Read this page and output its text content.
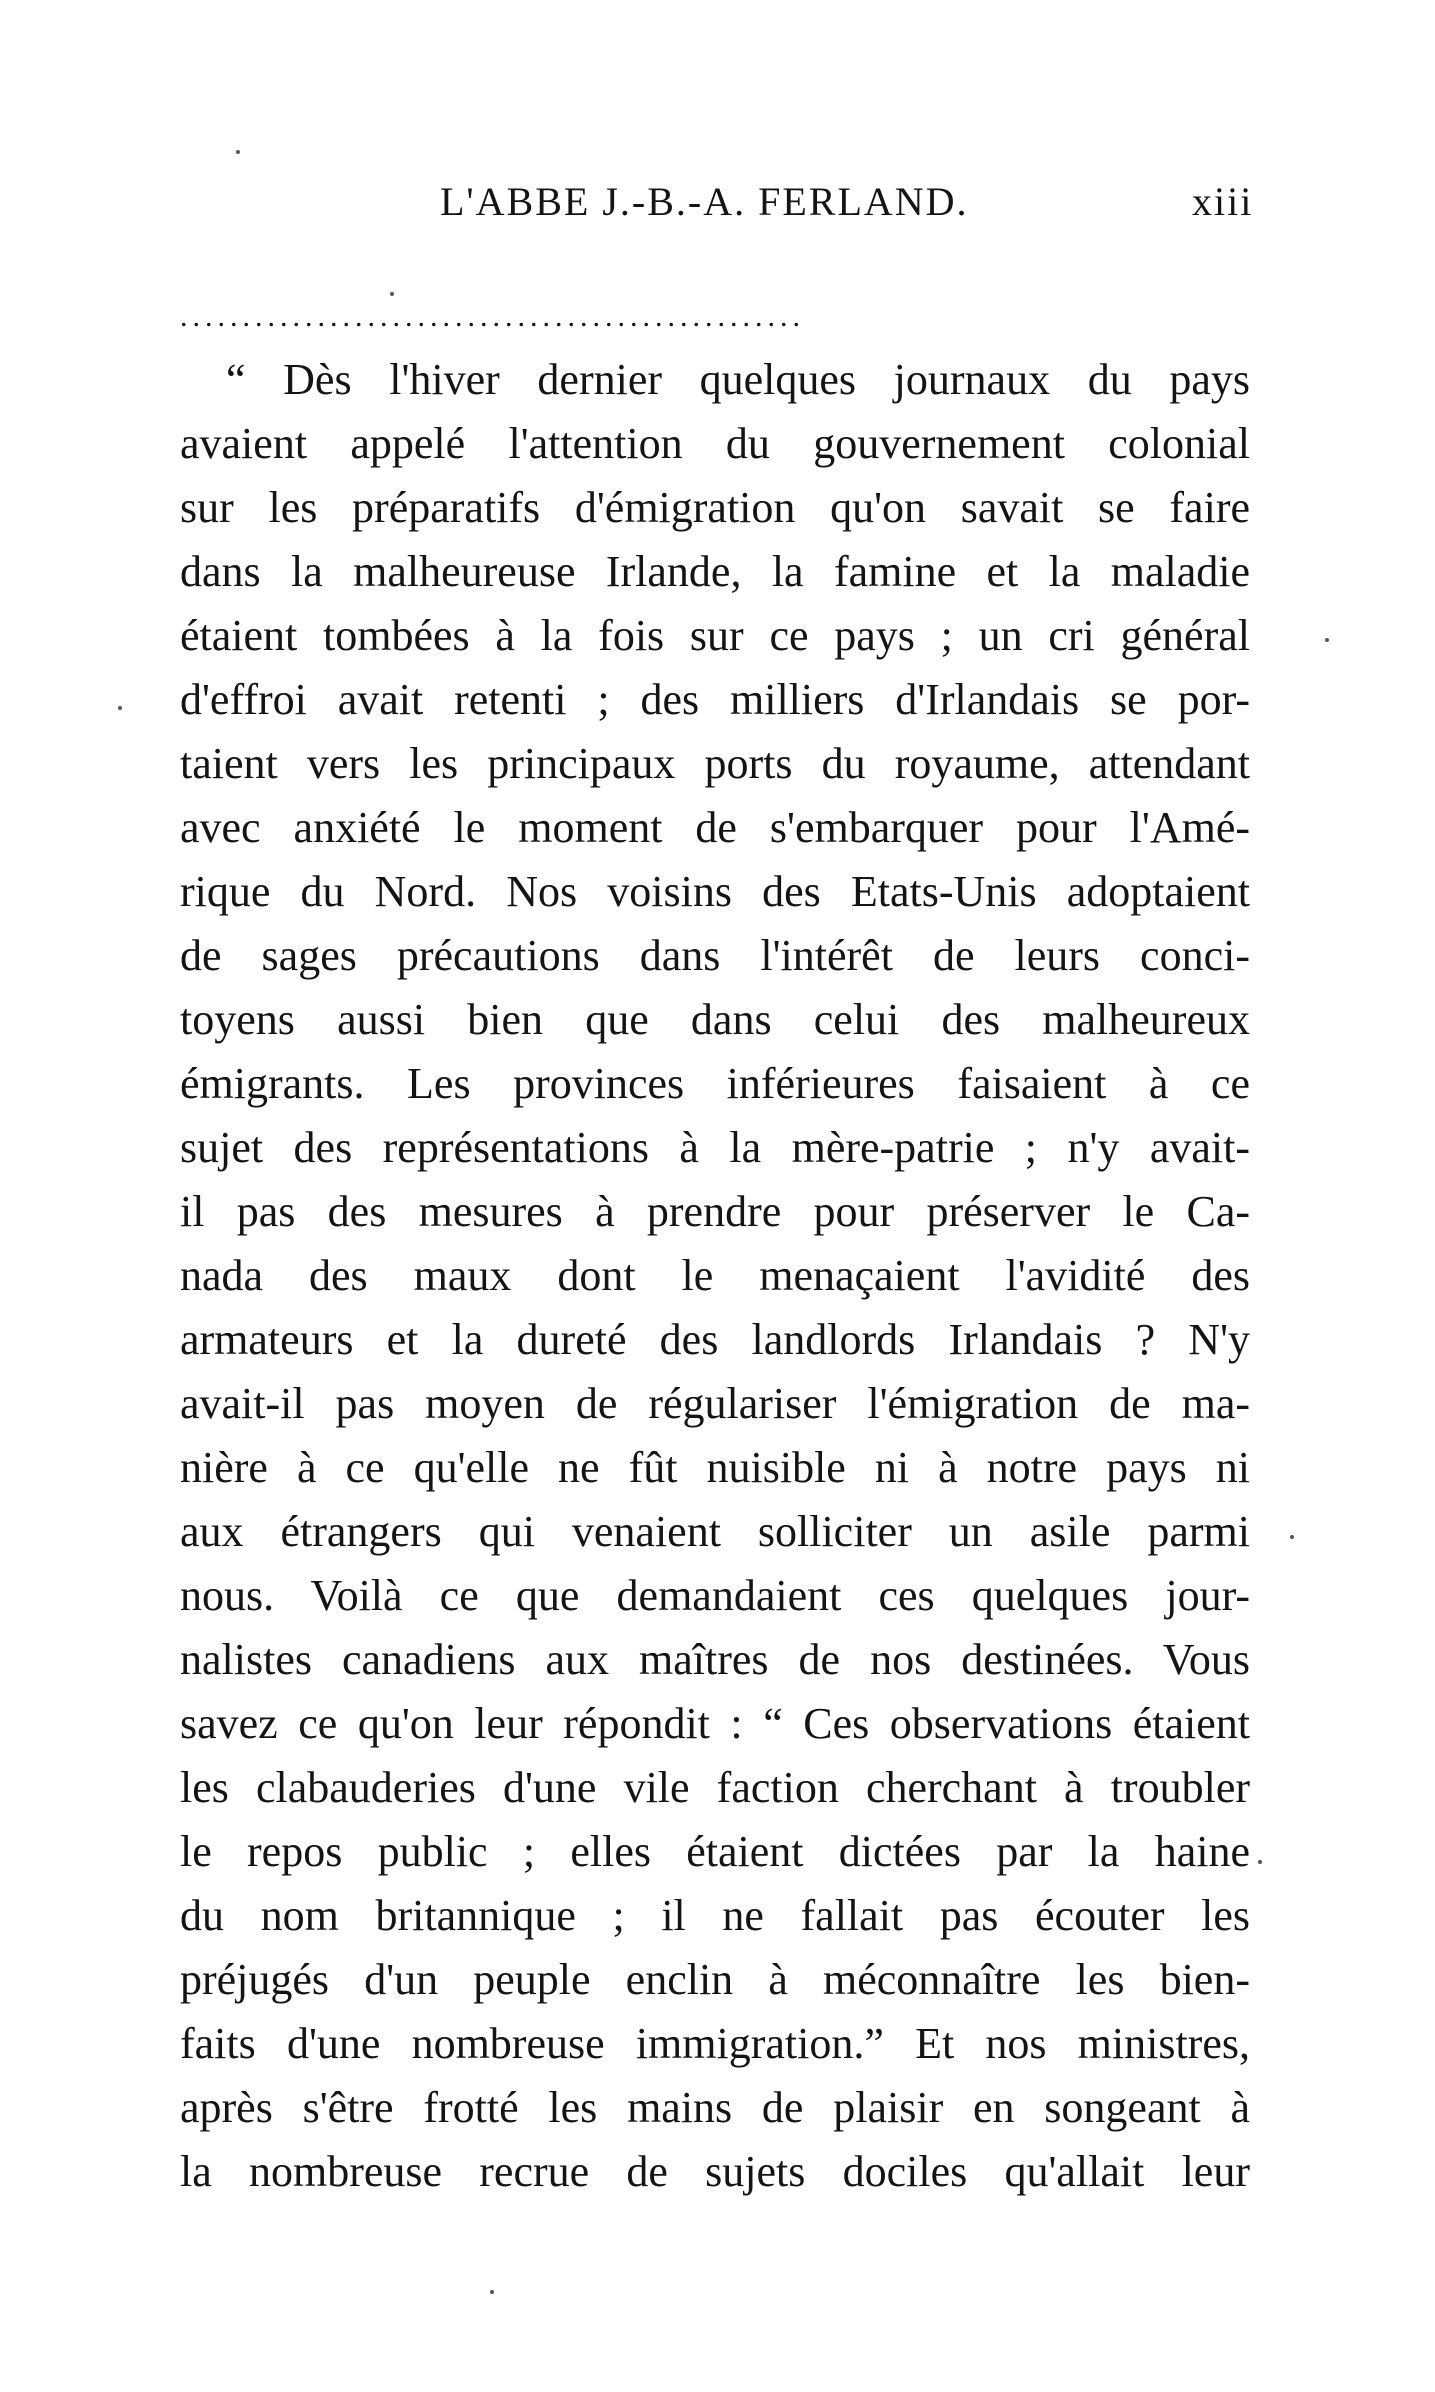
L'ABBE J.-B.-A. FERLAND.	xiii
..................................................
“ Dès l'hiver dernier quelques journaux du pays
avaient appelé l'attention du gouvernement colonial
sur les préparatifs d'émigration qu'on savait se faire
dans la malheureuse Irlande, la famine et la maladie
étaient tombées à la fois sur ce pays ; un cri général
d'effroi avait retenti ; des milliers d'Irlandais se por-
taient vers les principaux ports du royaume, attendant
avec anxiété le moment de s'embarquer pour l'Amé-
rique du Nord. Nos voisins des Etats-Unis adoptaient
de sages précautions dans l'intérêt de leurs conci-
toyens aussi bien que dans celui des malheureux
émigrants. Les provinces inférieures faisaient à ce
sujet des représentations à la mère-patrie ; n'y avait-
il pas des mesures à prendre pour préserver le Ca-
nada des maux dont le menaçaient l'avidité des
armateurs et la dureté des landlords Irlandais ? N'y
avait-il pas moyen de régulariser l'émigration de ma-
nière à ce qu'elle ne fût nuisible ni à notre pays ni
aux étrangers qui venaient solliciter un asile parmi
nous. Voilà ce que demandaient ces quelques jour-
nalistes canadiens aux maîtres de nos destinées. Vous
savez ce qu'on leur répondit : “ Ces observations étaient
les clabauderies d'une vile faction cherchant à troubler
le repos public ; elles étaient dictées par la haine
du nom britannique ; il ne fallait pas écouter les
préjugés d'un peuple enclin à méconnaître les bien-
faits d'une nombreuse immigration.” Et nos ministres,
après s'être frotté les mains de plaisir en songeant à
la nombreuse recrue de sujets dociles qu'allait leur
